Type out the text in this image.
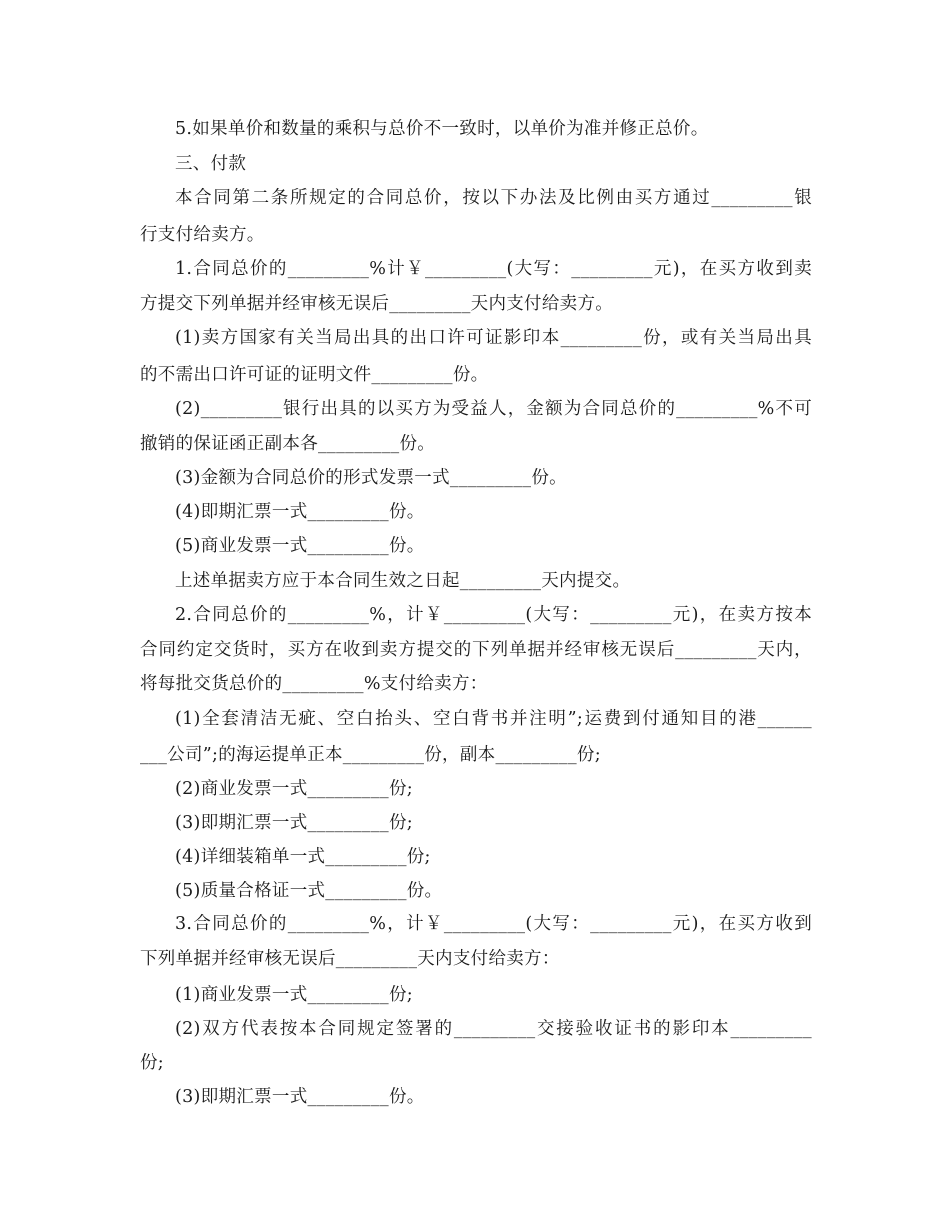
5.如果单价和数量的乘积与总价不一致时，以单价为准并修正总价。
三、付款
本合同第二条所规定的合同总价，按以下办法及比例由买方通过_________银
行支付给卖方。
1.合同总价的_________%计￥_________(大写：_________元)，在买方收到卖
方提交下列单据并经审核无误后_________天内支付给卖方。
(1)卖方国家有关当局出具的出口许可证影印本_________份，或有关当局出具
的不需出口许可证的证明文件_________份。
(2)_________银行出具的以买方为受益人，金额为合同总价的_________%不可
撤销的保证函正副本各_________份。
(3)金额为合同总价的形式发票一式_________份。
(4)即期汇票一式_________份。
(5)商业发票一式_________份。
上述单据卖方应于本合同生效之日起_________天内提交。
2.合同总价的_________%，计￥_________(大写：_________元)，在卖方按本
合同约定交货时，买方在收到卖方提交的下列单据并经审核无误后_________天内，
将每批交货总价的_________%支付给卖方：
(1)全套清洁无疵、空白抬头、空白背书并注明”;运费到付通知目的港______
___公司”;的海运提单正本_________份，副本_________份;
(2)商业发票一式_________份;
(3)即期汇票一式_________份;
(4)详细装箱单一式_________份;
(5)质量合格证一式_________份。
3.合同总价的_________%，计￥_________(大写：_________元)，在买方收到
下列单据并经审核无误后_________天内支付给卖方：
(1)商业发票一式_________份;
(2)双方代表按本合同规定签署的_________交接验收证书的影印本_________
份;
(3)即期汇票一式_________份。
